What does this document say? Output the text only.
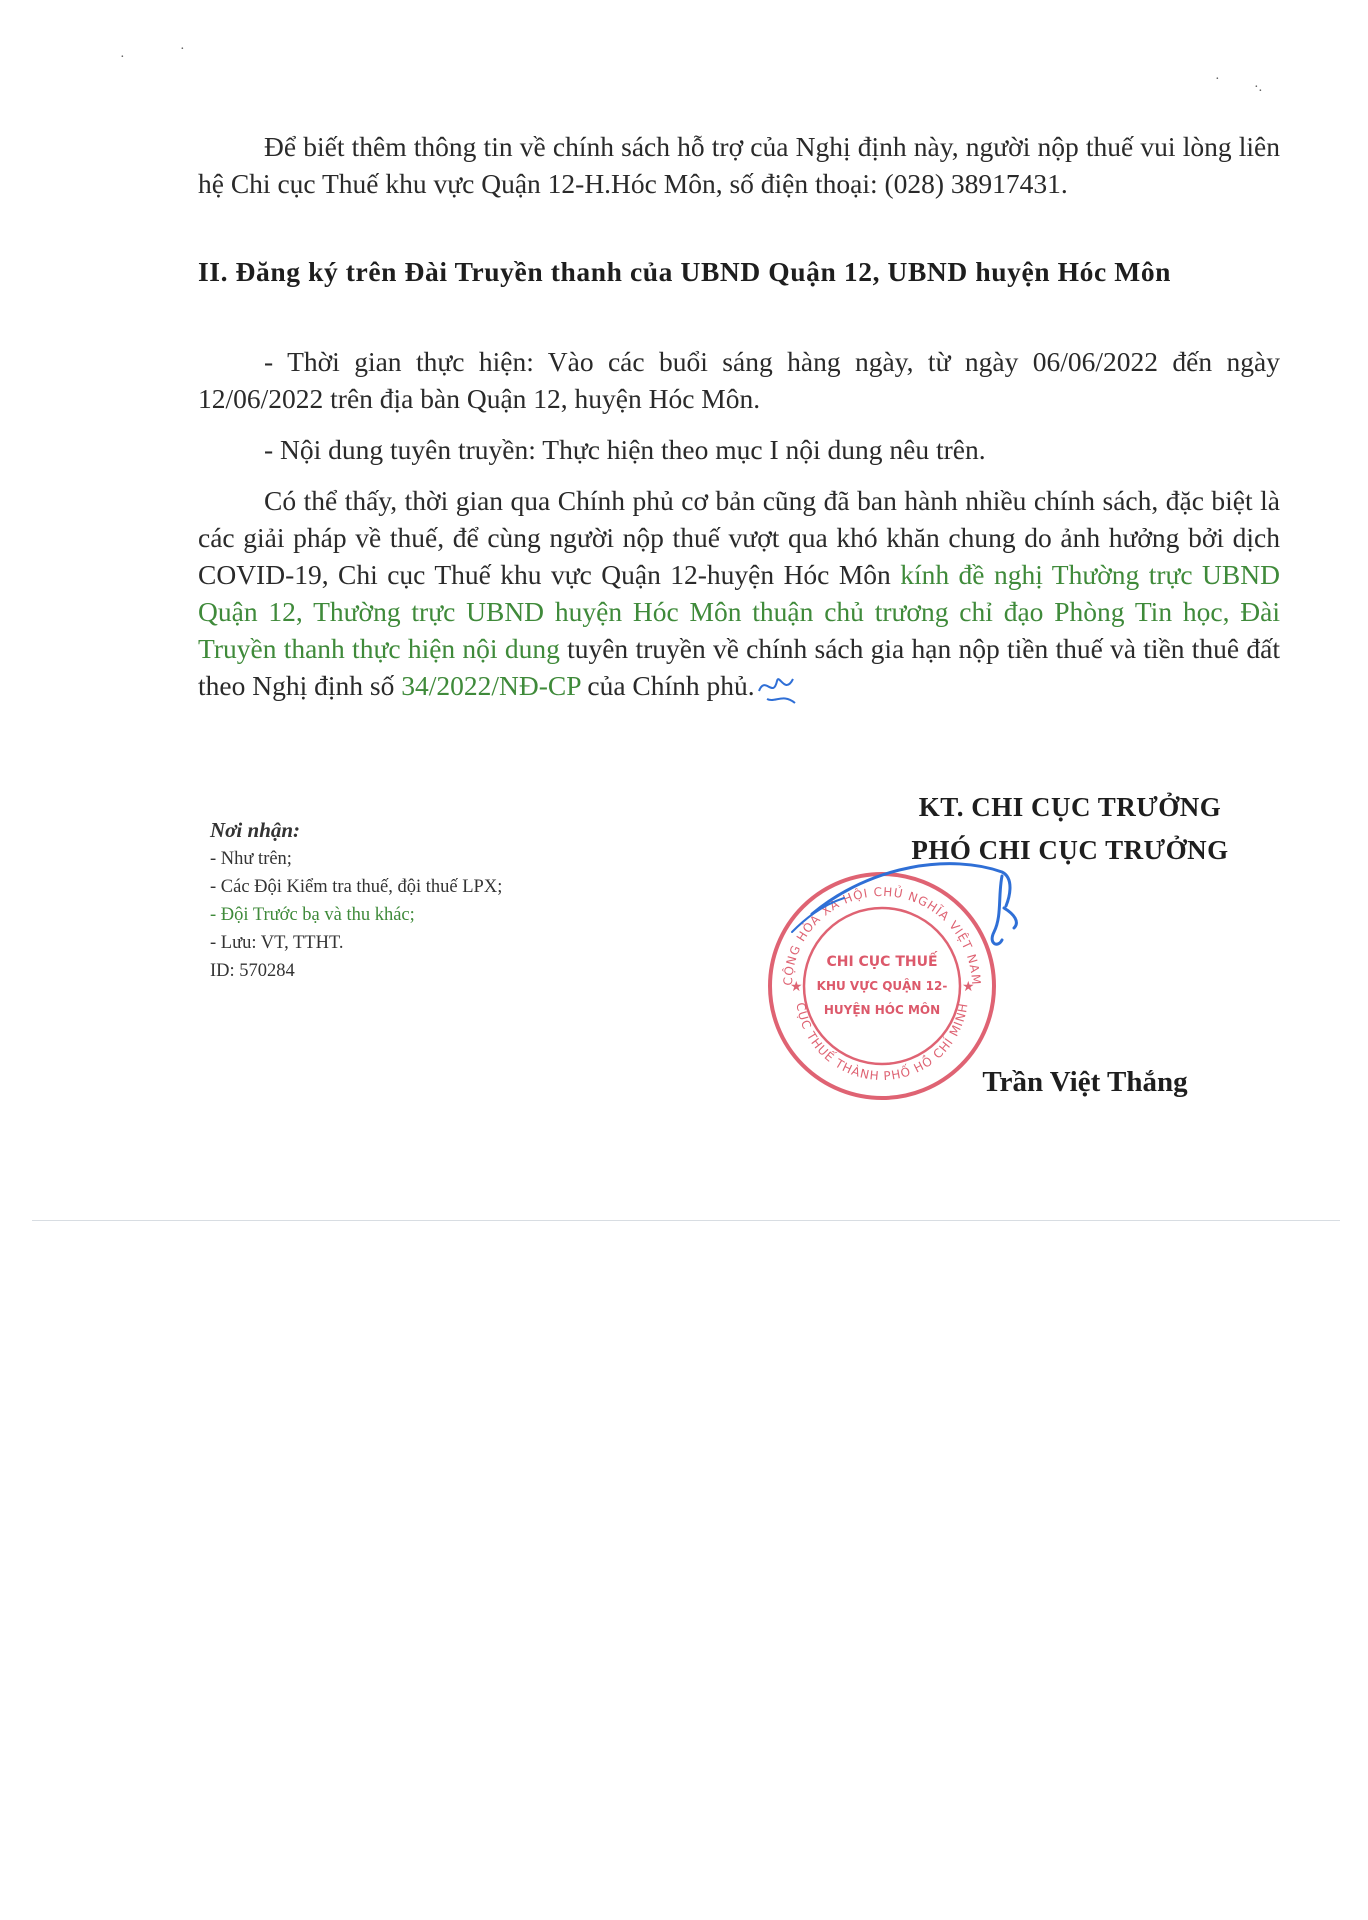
·
·
·
·.

Để biết thêm thông tin về chính sách hỗ trợ của Nghị định này, người nộp thuế vui lòng liên hệ Chi cục Thuế khu vực Quận 12-H.Hóc Môn, số điện thoại: (028) 38917431.

II. Đăng ký trên Đài Truyền thanh của UBND Quận 12, UBND huyện Hóc Môn

- Thời gian thực hiện: Vào các buổi sáng hàng ngày, từ ngày 06/06/2022 đến ngày 12/06/2022 trên địa bàn Quận 12, huyện Hóc Môn.

- Nội dung tuyên truyền: Thực hiện theo mục I nội dung nêu trên.

Có thể thấy, thời gian qua Chính phủ cơ bản cũng đã ban hành nhiều chính sách, đặc biệt là các giải pháp về thuế, để cùng người nộp thuế vượt qua khó khăn chung do ảnh hưởng bởi dịch COVID-19, Chi cục Thuế khu vực Quận 12-huyện Hóc Môn kính đề nghị Thường trực UBND Quận 12, Thường trực UBND huyện Hóc Môn thuận chủ trương chỉ đạo Phòng Tin học, Đài Truyền thanh thực hiện nội dung tuyên truyền về chính sách gia hạn nộp tiền thuế và tiền thuê đất theo Nghị định số 34/2022/NĐ-CP của Chính phủ.

Nơi nhận:
- Như trên;
- Các Đội Kiểm tra thuế, đội thuế LPX;
- Đội Trước bạ và thu khác;
- Lưu: VT, TTHT.
ID: 570284
KT. CHI CỤC TRƯỞNG
PHÓ CHI CỤC TRƯỞNG
CỘNG HÒA XÃ HỘI CHỦ NGHĨA VIỆT NAM
CỤC THUẾ THÀNH PHỐ HỒ CHÍ MINH
★	★
CHI CỤC THUẾ
KHU VỰC QUẬN 12-
HUYỆN HÓC MÔN
Trần Việt Thắng
